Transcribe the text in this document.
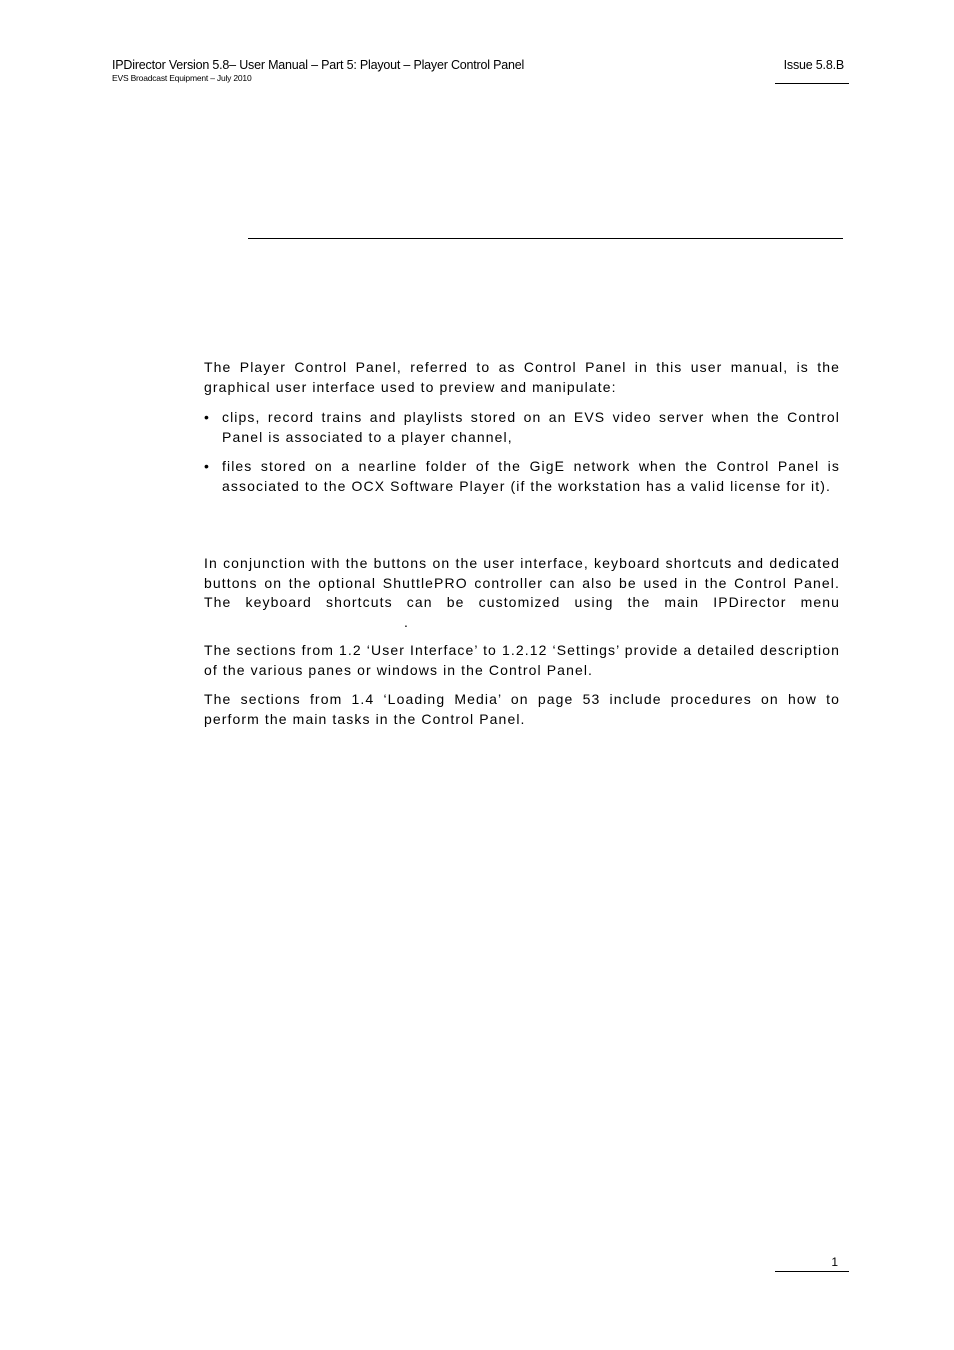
IPDirector Version 5.8– User Manual – Part 5: Playout – Player Control Panel
EVS Broadcast Equipment – July 2010
Issue 5.8.B

The Player Control Panel, referred to as Control Panel in this user manual, is the graphical user interface used to preview and manipulate:

• clips, record trains and playlists stored on an EVS video server when the Control Panel is associated to a player channel,
• files stored on a nearline folder of the GigE network when the Control Panel is associated to the OCX Software Player (if the workstation has a valid license for it).

In conjunction with the buttons on the user interface, keyboard shortcuts and dedicated buttons on the optional ShuttlePRO controller can also be used in the Control Panel. The keyboard shortcuts can be customized using the main IPDirector menu.

The sections from 1.2 ‘User Interface’ to 1.2.12 ‘Settings’ provide a detailed description of the various panes or windows in the Control Panel.

The sections from 1.4 ‘Loading Media’ on page 53 include procedures on how to perform the main tasks in the Control Panel.

1
